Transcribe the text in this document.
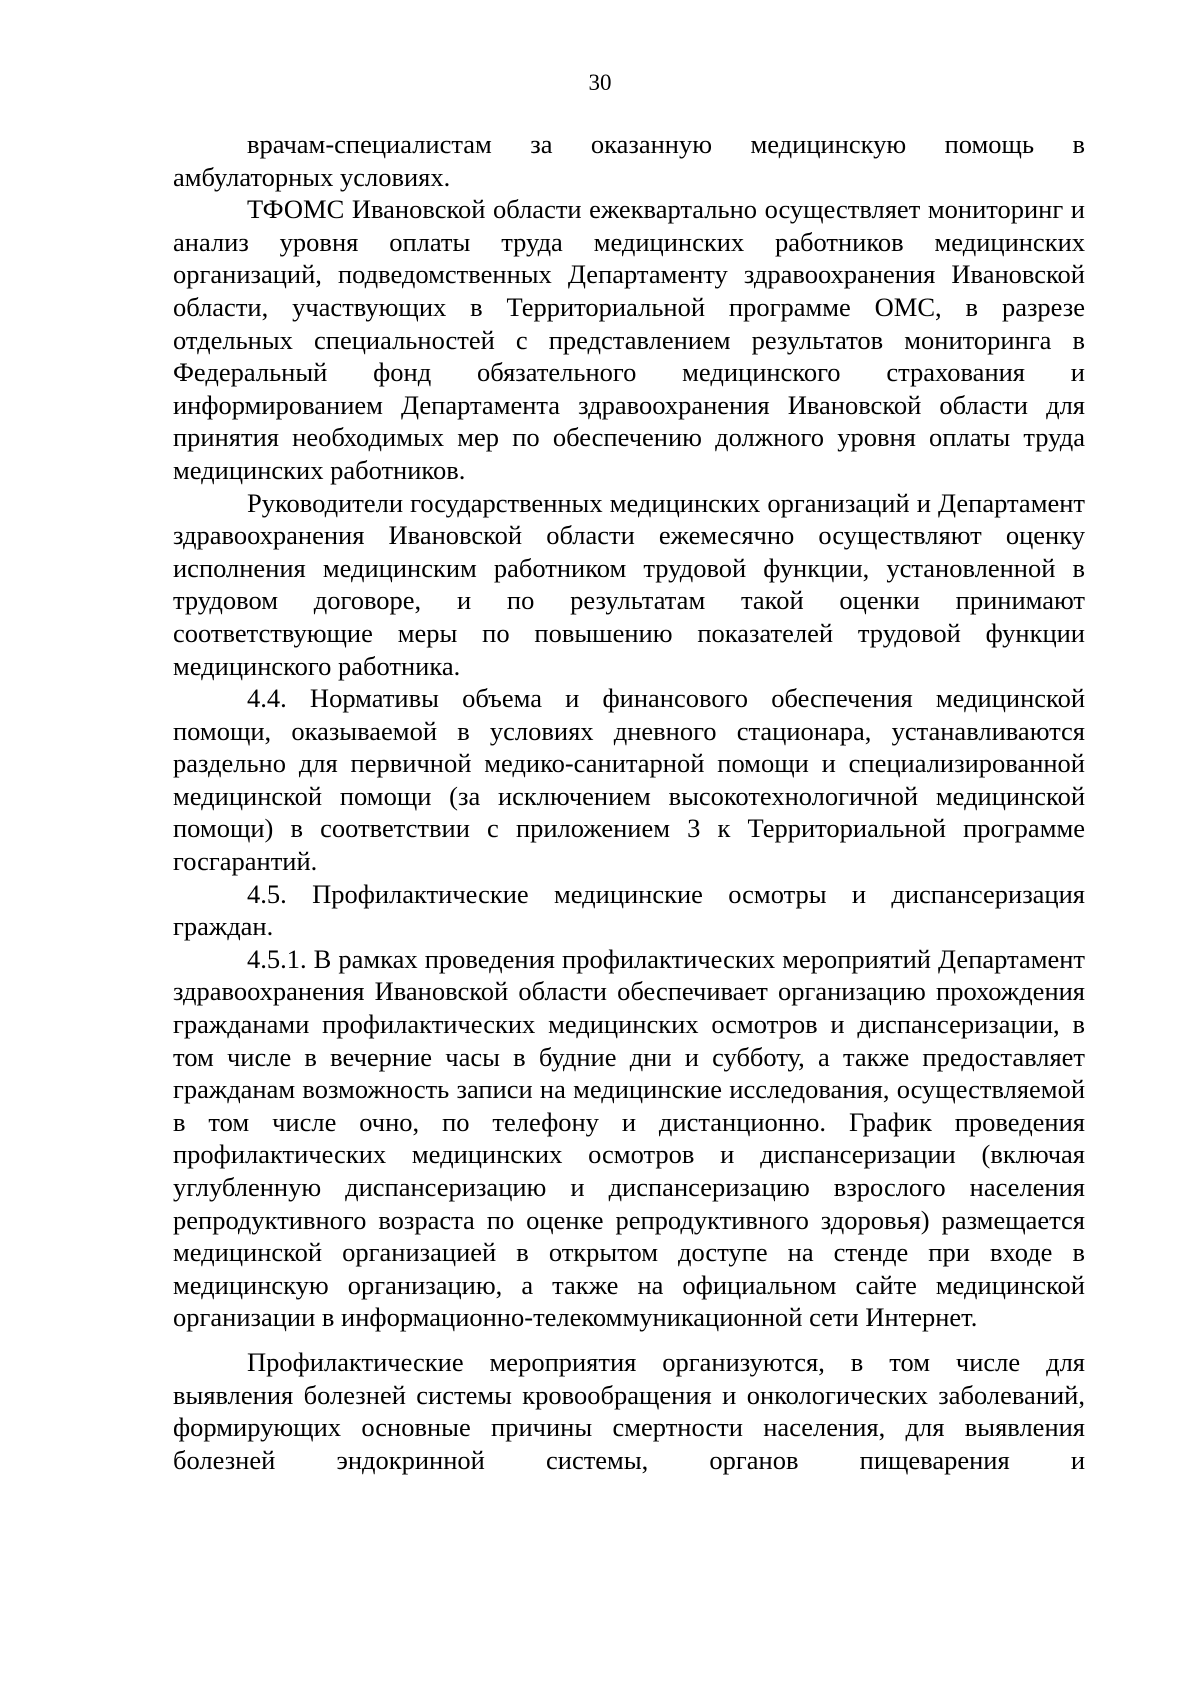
30

врачам-специалистам за оказанную медицинскую помощь в амбулаторных условиях.

ТФОМС Ивановской области ежеквартально осуществляет мониторинг и анализ уровня оплаты труда медицинских работников медицинских организаций, подведомственных Департаменту здравоохранения Ивановской области, участвующих в Территориальной программе ОМС, в разрезе отдельных специальностей с представлением результатов мониторинга в Федеральный фонд обязательного медицинского страхования и информированием Департамента здравоохранения Ивановской области для принятия необходимых мер по обеспечению должного уровня оплаты труда медицинских работников.

Руководители государственных медицинских организаций и Департамент здравоохранения Ивановской области ежемесячно осуществляют оценку исполнения медицинским работником трудовой функции, установленной в трудовом договоре, и по результатам такой оценки принимают соответствующие меры по повышению показателей трудовой функции медицинского работника.

4.4. Нормативы объема и финансового обеспечения медицинской помощи, оказываемой в условиях дневного стационара, устанавливаются раздельно для первичной медико-санитарной помощи и специализированной медицинской помощи (за исключением высокотехнологичной медицинской помощи) в соответствии с приложением 3 к Территориальной программе госгарантий.

4.5. Профилактические медицинские осмотры и диспансеризация граждан.

4.5.1. В рамках проведения профилактических мероприятий Департамент здравоохранения Ивановской области обеспечивает организацию прохождения гражданами профилактических медицинских осмотров и диспансеризации, в том числе в вечерние часы в будние дни и субботу, а также предоставляет гражданам возможность записи на медицинские исследования, осуществляемой в том числе очно, по телефону и дистанционно. График проведения профилактических медицинских осмотров и диспансеризации (включая углубленную диспансеризацию и диспансеризацию взрослого населения репродуктивного возраста по оценке репродуктивного здоровья) размещается медицинской организацией в открытом доступе на стенде при входе в медицинскую организацию, а также на официальном сайте медицинской организации в информационно-телекоммуникационной сети Интернет.

Профилактические мероприятия организуются, в том числе для выявления болезней системы кровообращения и онкологических заболеваний, формирующих основные причины смертности населения, для выявления болезней эндокринной системы, органов пищеварения и
